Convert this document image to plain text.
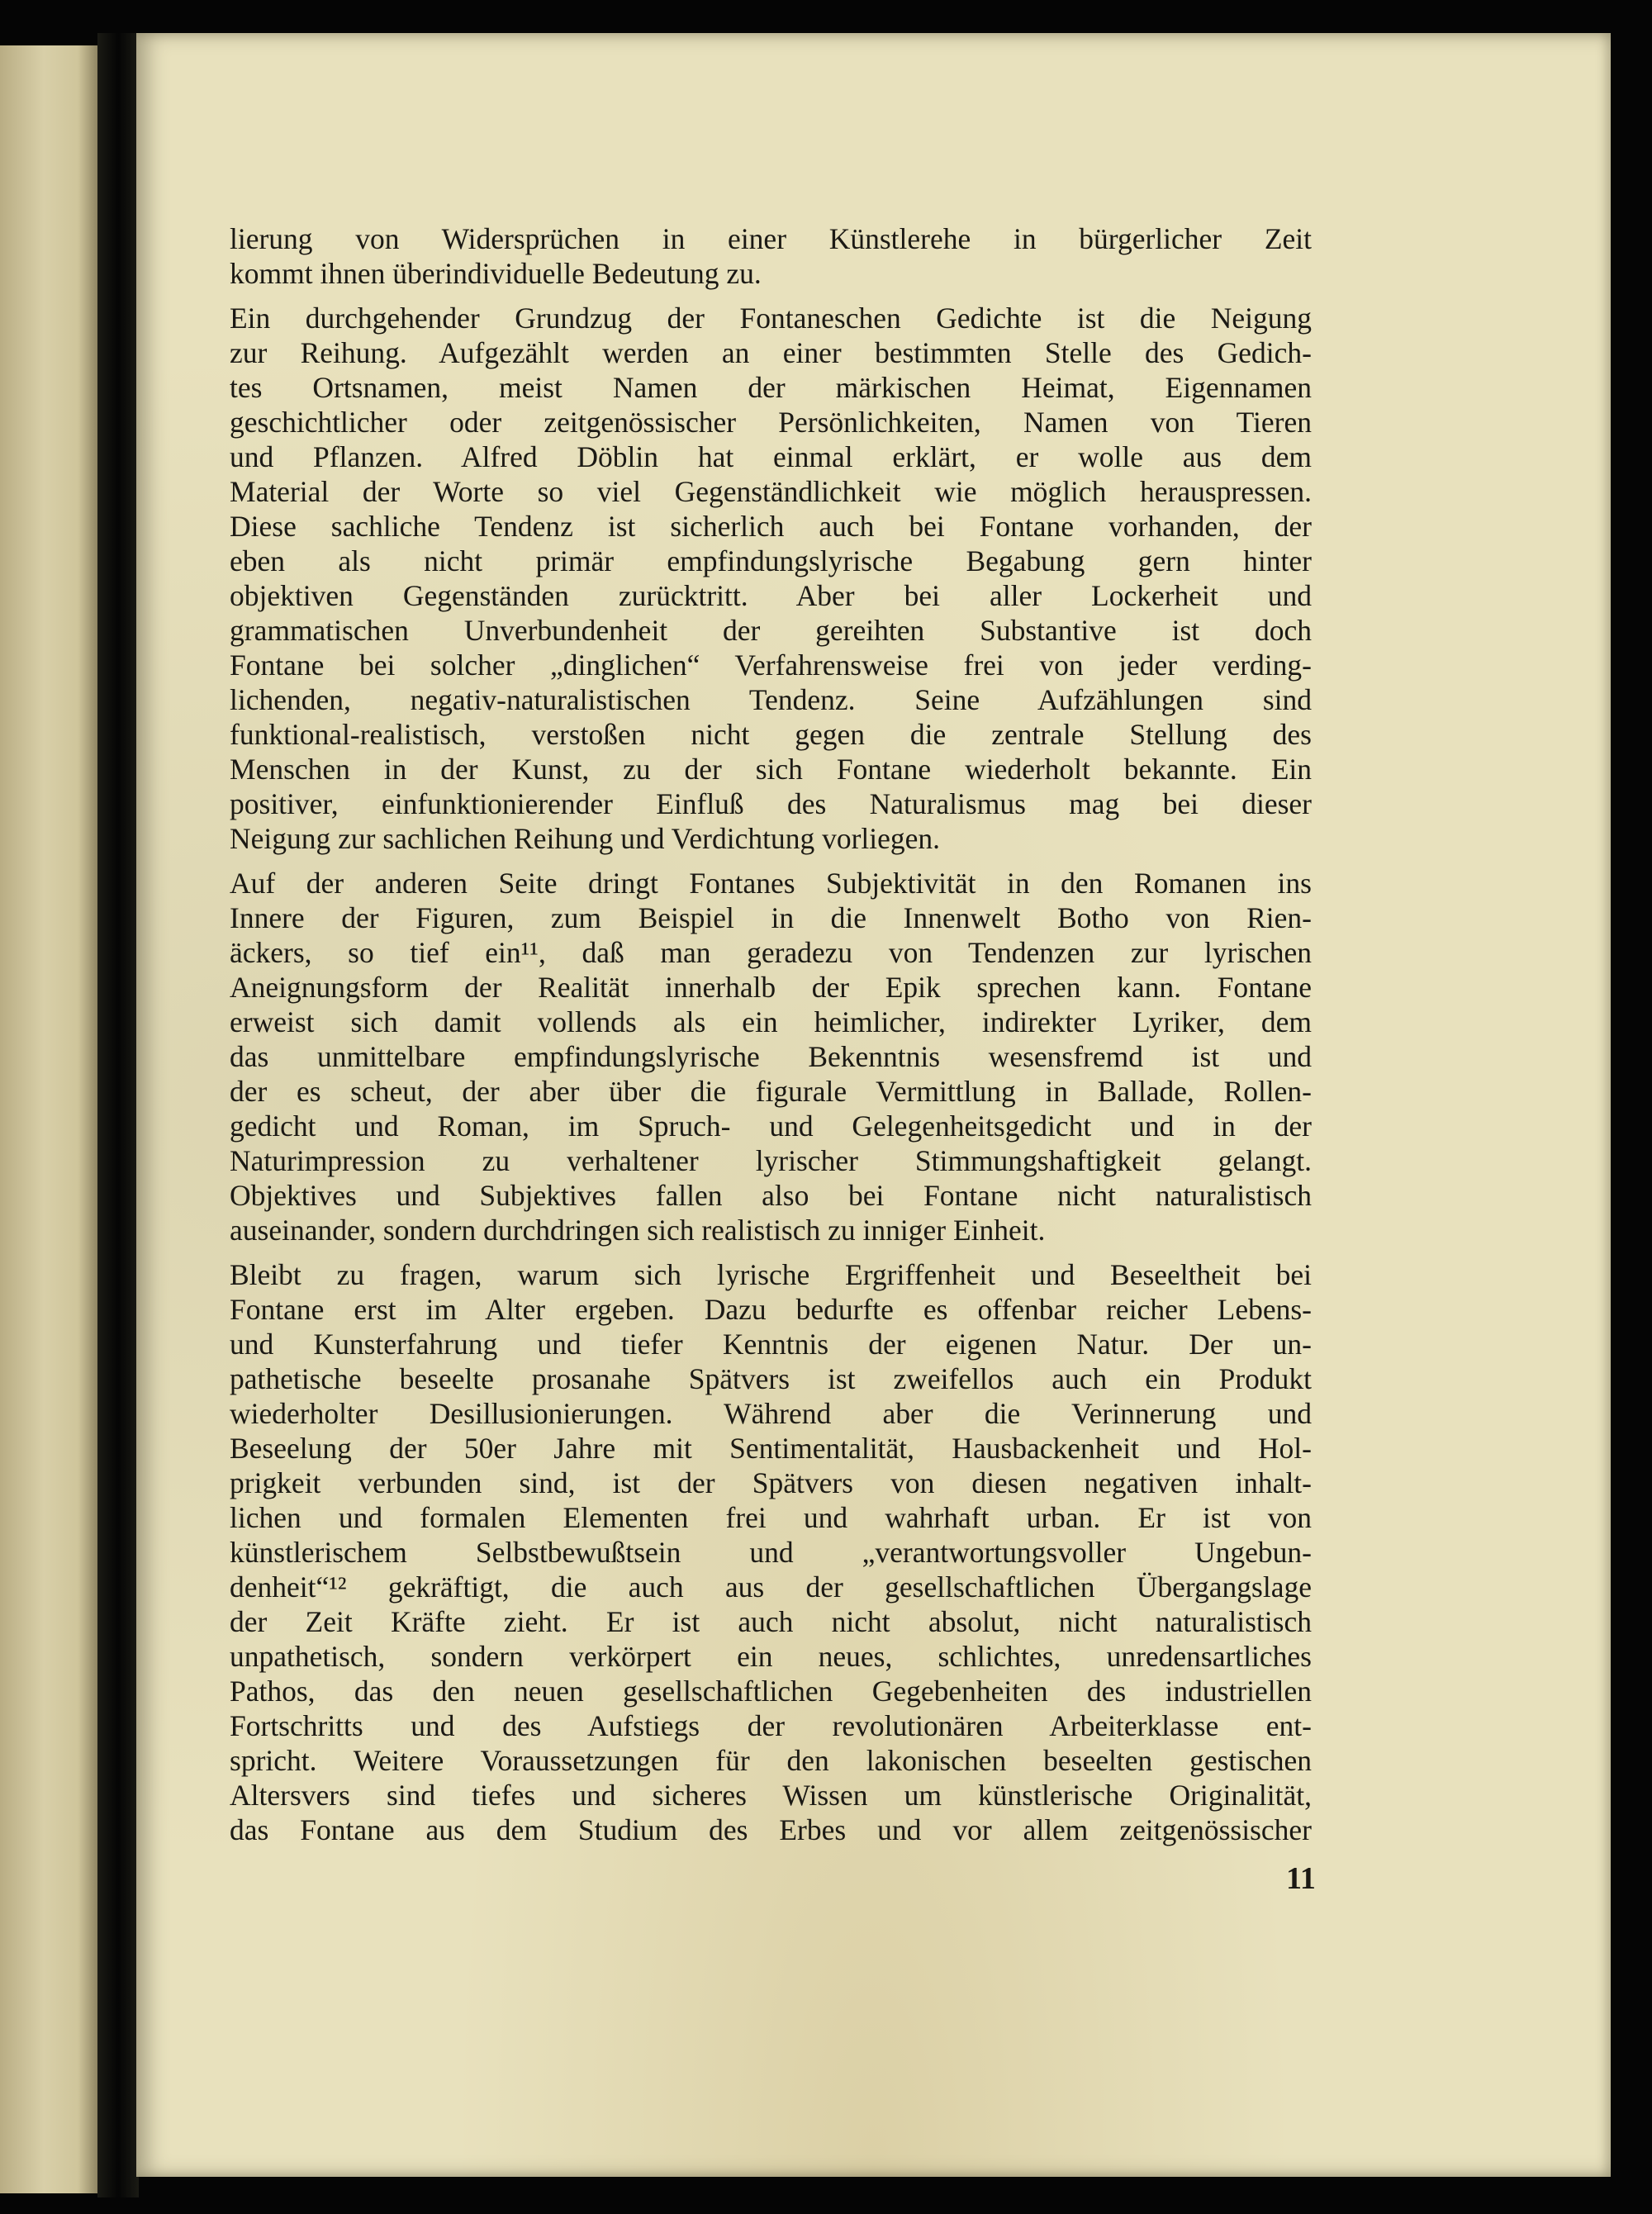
lierung von Widersprüchen in einer Künstlerehe in bürgerlicher Zeit
kommt ihnen überindividuelle Bedeutung zu.
Ein durchgehender Grundzug der Fontaneschen Gedichte ist die Neigung
zur Reihung. Aufgezählt werden an einer bestimmten Stelle des Gedich-
tes Ortsnamen, meist Namen der märkischen Heimat, Eigennamen
geschichtlicher oder zeitgenössischer Persönlichkeiten, Namen von Tieren
und Pflanzen. Alfred Döblin hat einmal erklärt, er wolle aus dem
Material der Worte so viel Gegenständlichkeit wie möglich herauspressen.
Diese sachliche Tendenz ist sicherlich auch bei Fontane vorhanden, der
eben als nicht primär empfindungslyrische Begabung gern hinter
objektiven Gegenständen zurücktritt. Aber bei aller Lockerheit und
grammatischen Unverbundenheit der gereihten Substantive ist doch
Fontane bei solcher „dinglichen“ Verfahrensweise frei von jeder verding-
lichenden, negativ-naturalistischen Tendenz. Seine Aufzählungen sind
funktional-realistisch, verstoßen nicht gegen die zentrale Stellung des
Menschen in der Kunst, zu der sich Fontane wiederholt bekannte. Ein
positiver, einfunktionierender Einfluß des Naturalismus mag bei dieser
Neigung zur sachlichen Reihung und Verdichtung vorliegen.
Auf der anderen Seite dringt Fontanes Subjektivität in den Romanen ins
Innere der Figuren, zum Beispiel in die Innenwelt Botho von Rien-
äckers, so tief ein¹¹, daß man geradezu von Tendenzen zur lyrischen
Aneignungsform der Realität innerhalb der Epik sprechen kann. Fontane
erweist sich damit vollends als ein heimlicher, indirekter Lyriker, dem
das unmittelbare empfindungslyrische Bekenntnis wesensfremd ist und
der es scheut, der aber über die figurale Vermittlung in Ballade, Rollen-
gedicht und Roman, im Spruch- und Gelegenheitsgedicht und in der
Naturimpression zu verhaltener lyrischer Stimmungshaftigkeit gelangt.
Objektives und Subjektives fallen also bei Fontane nicht naturalistisch
auseinander, sondern durchdringen sich realistisch zu inniger Einheit.
Bleibt zu fragen, warum sich lyrische Ergriffenheit und Beseeltheit bei
Fontane erst im Alter ergeben. Dazu bedurfte es offenbar reicher Lebens-
und Kunsterfahrung und tiefer Kenntnis der eigenen Natur. Der un-
pathetische beseelte prosanahe Spätvers ist zweifellos auch ein Produkt
wiederholter Desillusionierungen. Während aber die Verinnerung und
Beseelung der 50er Jahre mit Sentimentalität, Hausbackenheit und Hol-
prigkeit verbunden sind, ist der Spätvers von diesen negativen inhalt-
lichen und formalen Elementen frei und wahrhaft urban. Er ist von
künstlerischem Selbstbewußtsein und „verantwortungsvoller Ungebun-
denheit“¹² gekräftigt, die auch aus der gesellschaftlichen Übergangslage
der Zeit Kräfte zieht. Er ist auch nicht absolut, nicht naturalistisch
unpathetisch, sondern verkörpert ein neues, schlichtes, unredensartliches
Pathos, das den neuen gesellschaftlichen Gegebenheiten des industriellen
Fortschritts und des Aufstiegs der revolutionären Arbeiterklasse ent-
spricht. Weitere Voraussetzungen für den lakonischen beseelten gestischen
Altersvers sind tiefes und sicheres Wissen um künstlerische Originalität,
das Fontane aus dem Studium des Erbes und vor allem zeitgenössischer
11
